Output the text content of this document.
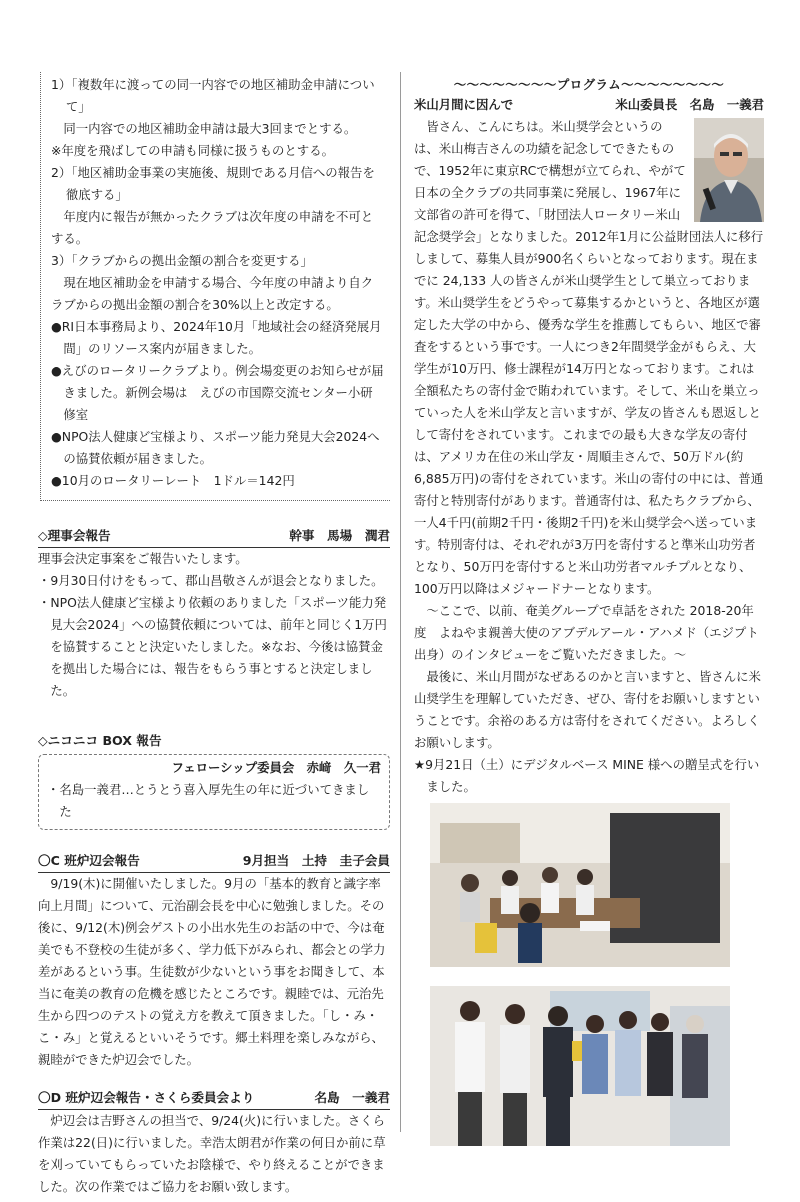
1）「複数年に渡っての同一内容での地区補助金申請について」

同一内容での地区補助金申請は最大3回までとする。

※年度を飛ばしての申請も同様に扱うものとする。

2）「地区補助金事業の実施後、規則である月信への報告を徹底する」

年度内に報告が無かったクラブは次年度の申請を不可とする。

3）「クラブからの拠出金額の割合を変更する」

現在地区補助金を申請する場合、今年度の申請より自クラブからの拠出金額の割合を30%以上と改定する。

●RI日本事務局より、2024年10月「地域社会の経済発展月間」のリソース案内が届きました。

●えびのロータリークラブより。例会場変更のお知らせが届きました。新例会場は　えびの市国際交流センター小研修室

●NPO法人健康ど宝様より、スポーツ能力発見大会2024への協賛依頼が届きました。

●10月のロータリーレート　1ドル＝142円

◇理事会報告	幹事　馬場　潤君

理事会決定事案をご報告いたします。

・9月30日付けをもって、郡山昌敬さんが退会となりました。

・NPO法人健康ど宝様より依頼のありました「スポーツ能力発見大会2024」への協賛依頼については、前年と同じく1万円を協賛することと決定いたしました。※なお、今後は協賛金を拠出した場合には、報告をもらう事とすると決定しました。

◇ニコニコ BOX 報告
フェローシップ委員会　赤﨑　久一君

・名島一義君…とうとう喜入厚先生の年に近づいてきました

〇C 班炉辺会報告	9月担当　土持　圭子会員

9/19(木)に開催いたしました。9月の「基本的教育と識字率向上月間」について、元治副会長を中心に勉強しました。その後に、9/12(木)例会ゲストの小出水先生のお話の中で、今は奄美でも不登校の生徒が多く、学力低下がみられ、都会との学力差があるという事。生徒数が少ないという事をお聞きして、本当に奄美の教育の危機を感じたところです。親睦では、元治先生から四つのテストの覚え方を教えて頂きました。「し・み・こ・み」と覚えるといいそうです。郷土料理を楽しみながら、親睦ができた炉辺会でした。

〇D 班炉辺会報告・さくら委員会より	名島　一義君

炉辺会は吉野さんの担当で、9/24(火)に行いました。さくら作業は22(日)に行いました。幸浩太朗君が作業の何日か前に草を刈っていてもらっていたお陰様で、やり終えることができました。次の作業ではご協力をお願い致します。

〜〜〜〜〜〜〜〜プログラム〜〜〜〜〜〜〜〜
米山月間に因んで	米山委員長　名島　一義君

皆さん、こんにちは。米山奨学会というのは、米山梅吉さんの功績を記念してできたもので、1952年に東京RCで構想が立てられ、やがて日本の全クラブの共同事業に発展し、1967年に文部省の許可を得て、「財団法人ロータリー米山記念奨学会」となりました。2012年1月に公益財団法人に移行しまして、募集人員が900名くらいとなっております。現在までに 24,133 人の皆さんが米山奨学生として巣立っております。米山奨学生をどうやって募集するかというと、各地区が選定した大学の中から、優秀な学生を推薦してもらい、地区で審査をするという事です。一人につき2年間奨学金がもらえ、大学生が10万円、修士課程が14万円となっております。これは全額私たちの寄付金で賄われています。そして、米山を巣立っていった人を米山学友と言いますが、学友の皆さんも恩返しとして寄付をされています。これまでの最も大きな学友の寄付は、アメリカ在住の米山学友・周順圭さんで、50万ドル(約6,885万円)の寄付をされています。米山の寄付の中には、普通寄付と特別寄付があります。普通寄付は、私たちクラブから、一人4千円(前期2千円・後期2千円)を米山奨学会へ送っています。特別寄付は、それぞれが3万円を寄付すると準米山功労者となり、50万円を寄付すると米山功労者マルチプルとなり、100万円以降はメジャードナーとなります。

〜ここで、以前、奄美グループで卓話をされた 2018-20年度　よねやま親善大使のアブデルアール・アハメド（エジプト出身）のインタビューをご覧いただきました。〜

最後に、米山月間がなぜあるのかと言いますと、皆さんに米山奨学生を理解していただき、ぜひ、寄付をお願いしますということです。余裕のある方は寄付をされてください。よろしくお願いします。

★9月21日（土）にデジタルベース MINE 様への贈呈式を行いました。
